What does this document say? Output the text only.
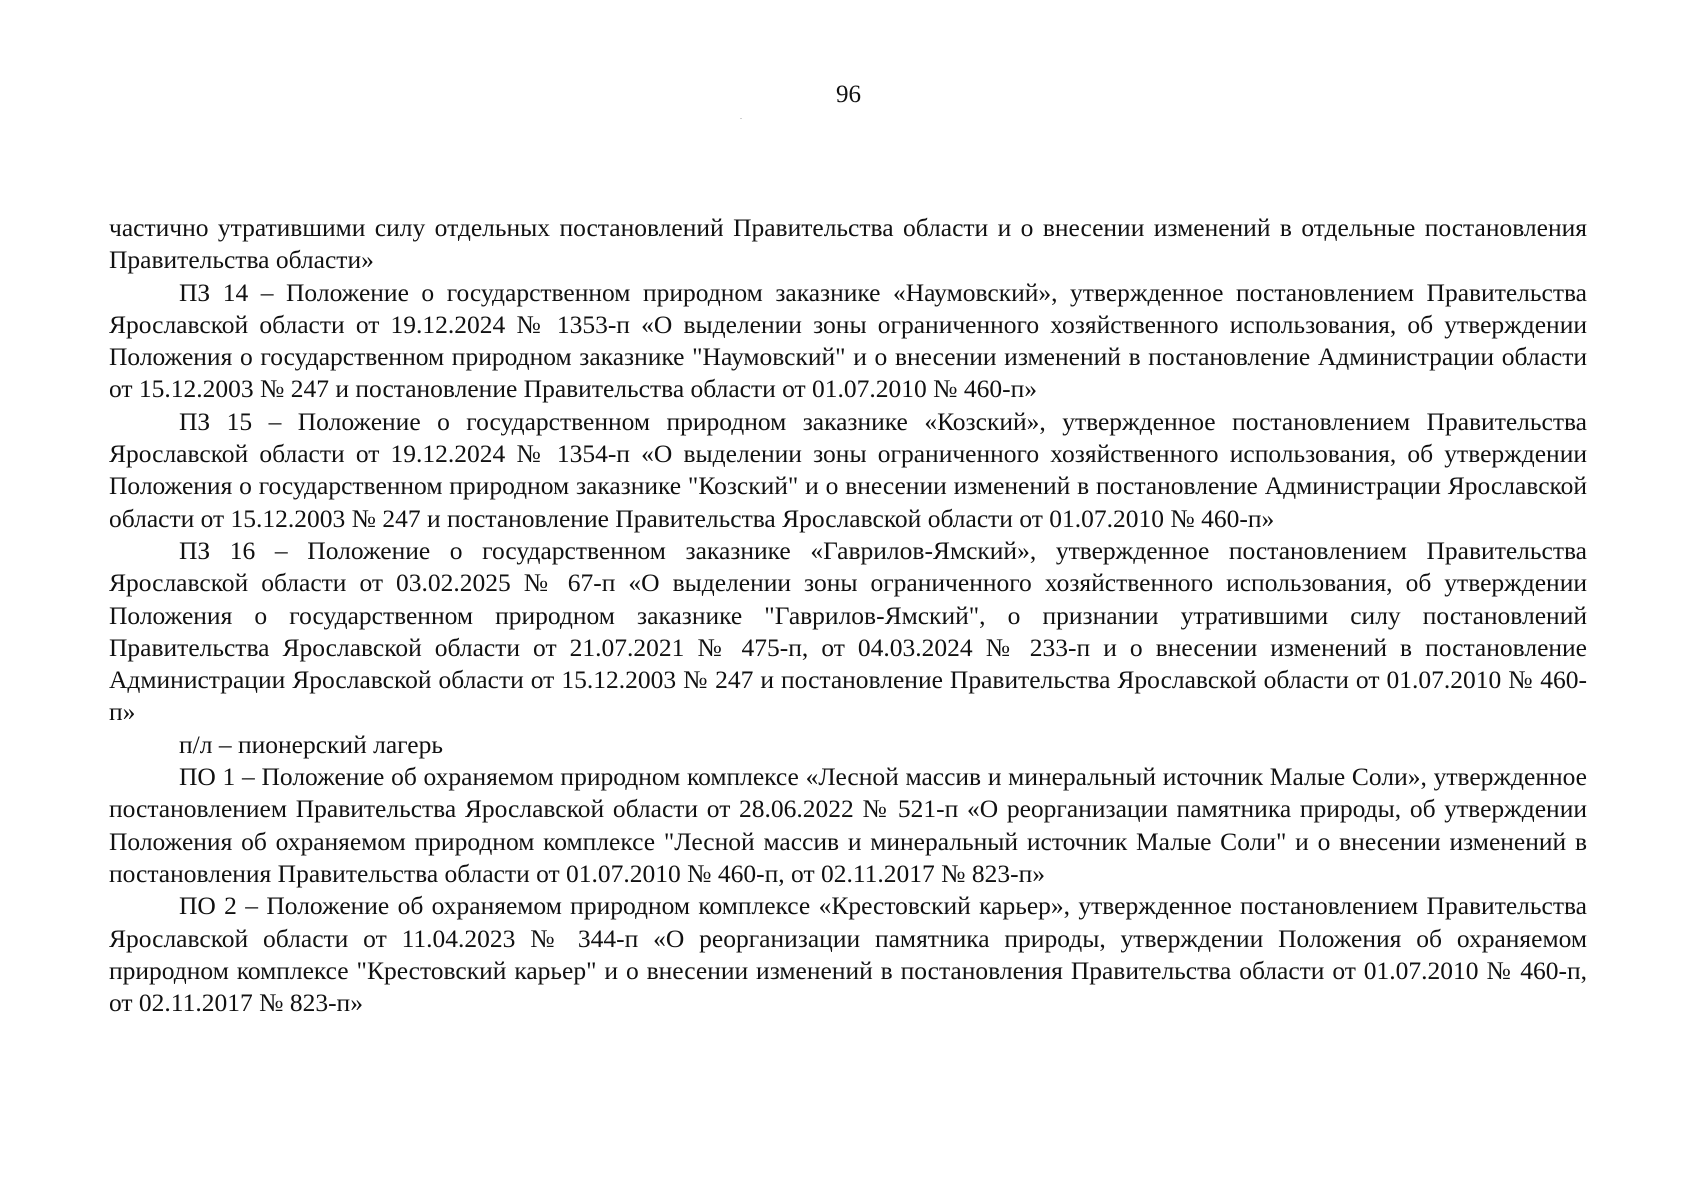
96

частично утратившими силу отдельных постановлений Правительства области и о внесении изменений в отдельные постановления Правительства области»

ПЗ 14 – Положение о государственном природном заказнике «Наумовский», утвержденное постановлением Правительства Ярославской области от 19.12.2024 № 1353-п «О выделении зоны ограниченного хозяйственного использования, об утверждении Положения о государственном природном заказнике "Наумовский" и о внесении изменений в постановление Администрации области от 15.12.2003 № 247 и постановление Правительства области от 01.07.2010 № 460-п»

ПЗ 15 – Положение о государственном природном заказнике «Козский», утвержденное постановлением Правительства Ярославской области от 19.12.2024 № 1354-п «О выделении зоны ограниченного хозяйственного использования, об утверждении Положения о государственном природном заказнике "Козский" и о внесении изменений в постановление Администрации Ярославской области от 15.12.2003 № 247 и постановление Правительства Ярославской области от 01.07.2010 № 460-п»

ПЗ 16 – Положение о государственном заказнике «Гаврилов-Ямский», утвержденное постановлением Правительства Ярославской области от 03.02.2025 № 67-п «О выделении зоны ограниченного хозяйственного использования, об утверждении Положения о государственном природном заказнике "Гаврилов-Ямский", о признании утратившими силу постановлений Правительства Ярославской области от 21.07.2021 № 475-п, от 04.03.2024 № 233-п и о внесении изменений в постановление Администрации Ярославской области от 15.12.2003 № 247 и постановление Правительства Ярославской области от 01.07.2010 № 460-п»

п/л – пионерский лагерь

ПО 1 – Положение об охраняемом природном комплексе «Лесной массив и минеральный источник Малые Соли», утвержденное постановлением Правительства Ярославской области от 28.06.2022 № 521-п «О реорганизации памятника природы, об утверждении Положения об охраняемом природном комплексе "Лесной массив и минеральный источник Малые Соли" и о внесении изменений в постановления Правительства области от 01.07.2010 № 460-п, от 02.11.2017 № 823-п»

ПО 2 – Положение об охраняемом природном комплексе «Крестовский карьер», утвержденное постановлением Правительства Ярославской области от 11.04.2023 № 344-п «О реорганизации памятника природы, утверждении Положения об охраняемом природном комплексе "Крестовский карьер" и о внесении изменений в постановления Правительства области от 01.07.2010 № 460-п, от 02.11.2017 № 823-п»
